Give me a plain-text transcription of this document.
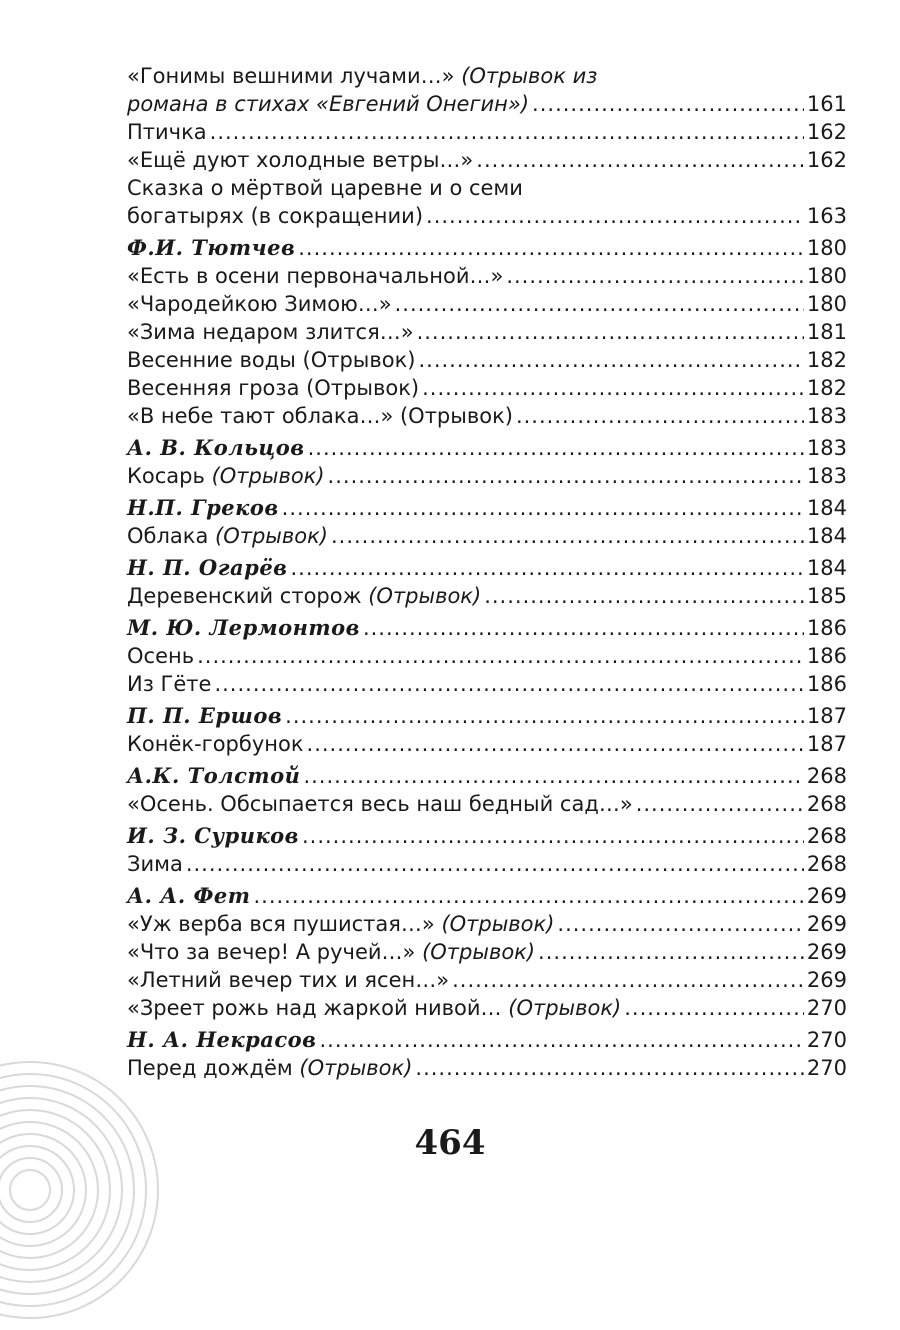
«Гонимы вешними лучами…» (Отрывок из
романа в стихах «Евгений Онегин») .....	161
Птичка .....	162
«Ещё дуют холодные ветры…» .....	162
Сказка о мёртвой царевне и о семи
богатырях (в сокращении) .....	163
Ф.И. Тютчев .....	180
«Есть в осени первоначальной…» .....	180
«Чародейкою Зимою…» .....	180
«Зима недаром злится…» .....	181
Весенние воды (Отрывок) .....	182
Весенняя гроза (Отрывок) .....	182
«В небе тают облака…» (Отрывок) .....	183
А. В. Кольцов .....	183
Косарь (Отрывок) .....	183
Н.П. Греков .....	184
Облака (Отрывок) .....	184
Н. П. Огарёв .....	184
Деревенский сторож (Отрывок) .....	185
М. Ю. Лермонтов .....	186
Осень .....	186
Из Гёте .....	186
П. П. Ершов .....	187
Конёк-горбунок .....	187
А.К. Толстой .....	268
«Осень. Обсыпается весь наш бедный сад…» .....	268
И. З. Суриков .....	268
Зима .....	268
А. А. Фет .....	269
«Уж верба вся пушистая…» (Отрывок) .....	269
«Что за вечер! А ручей…» (Отрывок) .....	269
«Летний вечер тих и ясен…» .....	269
«Зреет рожь над жаркой нивой… (Отрывок) .....	270
Н. А. Некрасов .....	270
Перед дождём (Отрывок) .....	270
464
